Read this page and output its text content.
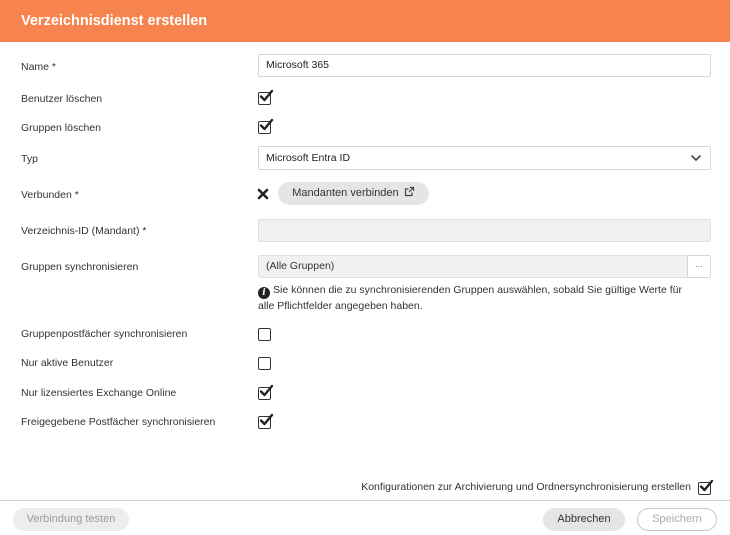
Verzeichnisdienst erstellen
Name *	Microsoft 365
Benutzer löschen
Gruppen löschen
Typ	Microsoft Entra ID
Verbunden *	Mandanten verbinden
Verzeichnis-ID (Mandant) *
Gruppen synchronisieren	(Alle Gruppen)	...
i Sie können die zu synchronisierenden Gruppen auswählen, sobald Sie gültige Werte für alle Pflichtfelder angegeben haben.
Gruppenpostfächer synchronisieren
Nur aktive Benutzer
Nur lizensiertes Exchange Online
Freigegebene Postfächer synchronisieren
Konfigurationen zur Archivierung und Ordnersynchronisierung erstellen
Verbindung testen	Abbrechen	Speichern
